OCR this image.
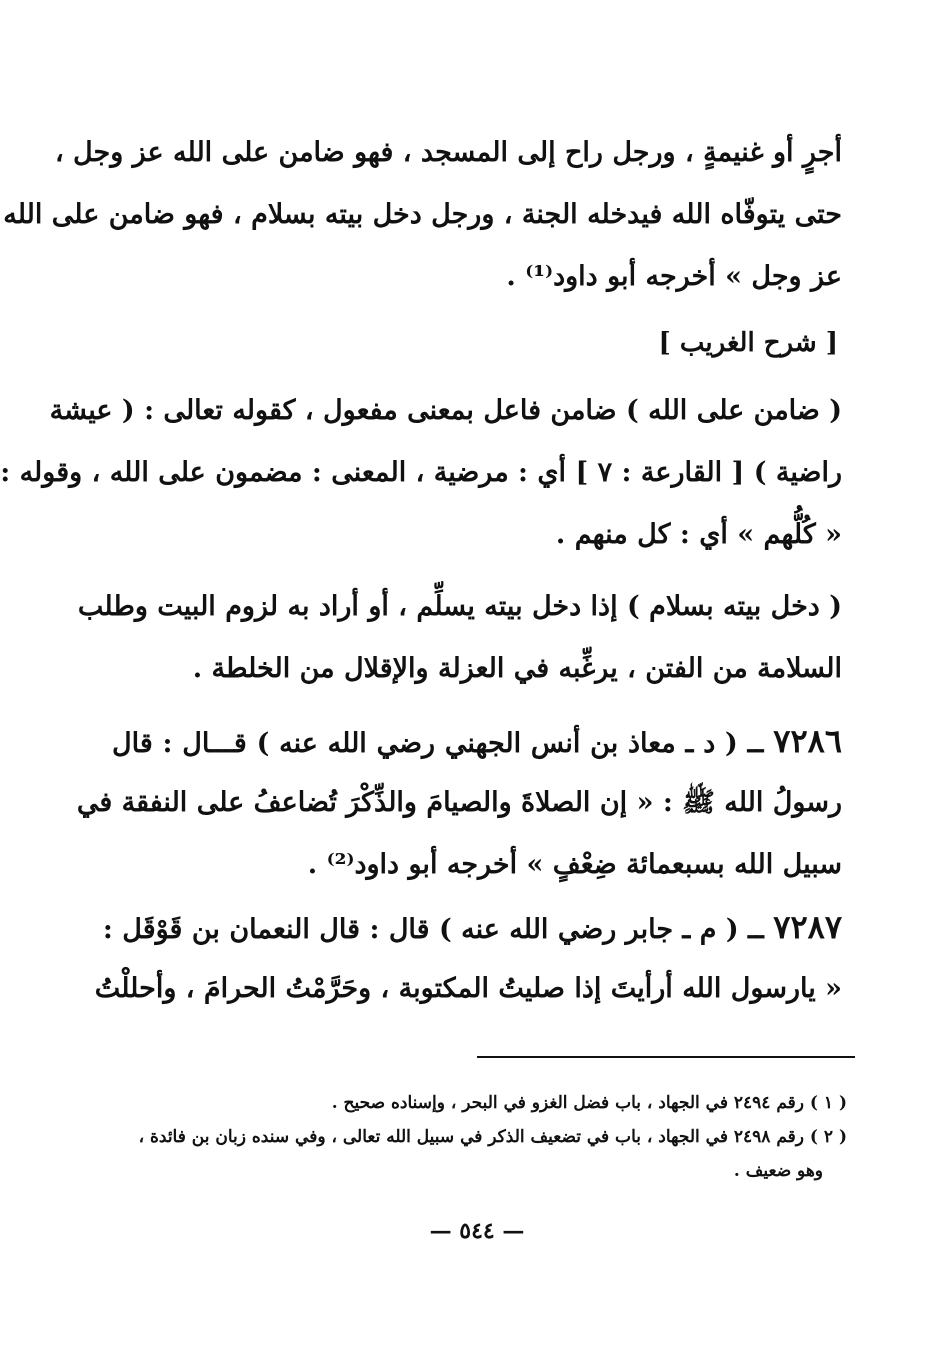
أجرٍ أو غنيمةٍ ، ورجل راح إلى المسجد ، فهو ضامن على الله عز وجل ،
حتى يتوفّاه الله فيدخله الجنة ، ورجل دخل بيته بسلام ، فهو ضامن على الله
عز وجل » أخرجه أبو داود⁽¹⁾ .
[ شرح الغريب ]
( ضامن على الله ) ضامن فاعل بمعنى مفعول ، كقوله تعالى : ( عيشة
راضية ) [ القارعة : ٧ ] أي : مرضية ، المعنى : مضمون على الله ، وقوله :
« كُلُّهم » أي : كل منهم .
( دخل بيته بسلام ) إذا دخل بيته يسلِّم ، أو أراد به لزوم البيت وطلب
السلامة من الفتن ، يرغِّبه في العزلة والإقلال من الخلطة .
٧٢٨٦ ــ ( د ـ معاذ بن أنس الجهني رضي الله عنه ) قـــال : قال
رسولُ الله ﷺ : « إن الصلاةَ والصيامَ والذِّكْرَ تُضاعفُ على النفقة في
سبيل الله بسبعمائة ضِعْفٍ » أخرجه أبو داود⁽²⁾ .
٧٢٨٧ ــ ( م ـ جابر رضي الله عنه ) قال : قال النعمان بن قَوْقَل :
« يارسول الله أرأيتَ إذا صليتُ المكتوبة ، وحَرَّمْتُ الحرامَ ، وأحللْتُ
( ١ ) رقم ٢٤٩٤ في الجهاد ، باب فضل الغزو في البحر ، وإسناده صحيح .
( ٢ ) رقم ٢٤٩٨ في الجهاد ، باب في تضعيف الذكر في سبيل الله تعالى ، وفي سنده زبان بن فائدة ،
وهو ضعيف .
— ٥٤٤ —
